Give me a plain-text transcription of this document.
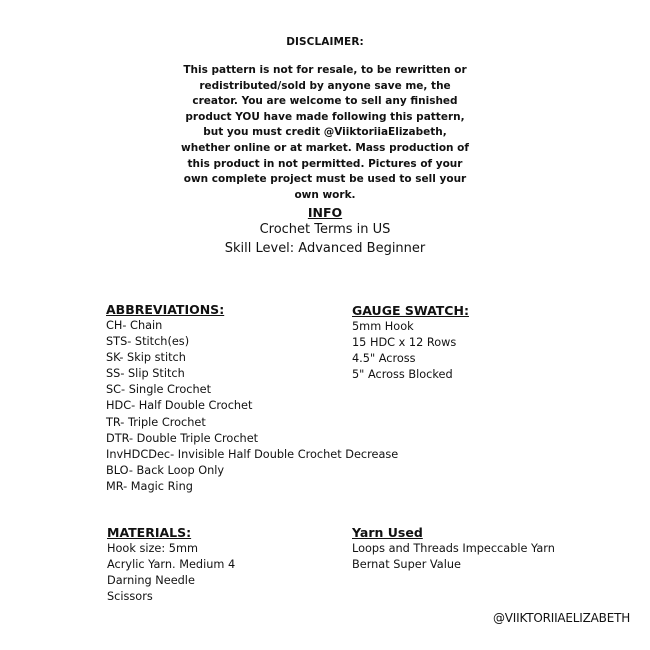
DISCLAIMER:
This pattern is not for resale, to be rewritten or
redistributed/sold by anyone save me, the
creator. You are welcome to sell any finished
product YOU have made following this pattern,
but you must credit @ViiktoriiaElizabeth,
whether online or at market. Mass production of
this product in not permitted. Pictures of your
own complete project must be used to sell your
own work.
INFO
Crochet Terms in US
Skill Level: Advanced Beginner
ABBREVIATIONS:
CH- Chain
STS- Stitch(es)
SK- Skip stitch
SS- Slip Stitch
SC- Single Crochet
HDC- Half Double Crochet
TR- Triple Crochet
DTR- Double Triple Crochet
InvHDCDec- Invisible Half Double Crochet Decrease
BLO- Back Loop Only
MR- Magic Ring
GAUGE SWATCH:
5mm Hook
15 HDC x 12 Rows
4.5" Across
5" Across Blocked
MATERIALS:
Hook size: 5mm
Acrylic Yarn. Medium 4
Darning Needle
Scissors
Yarn Used
Loops and Threads Impeccable Yarn
Bernat Super Value
@VIIKTORIIAELIZABETH
